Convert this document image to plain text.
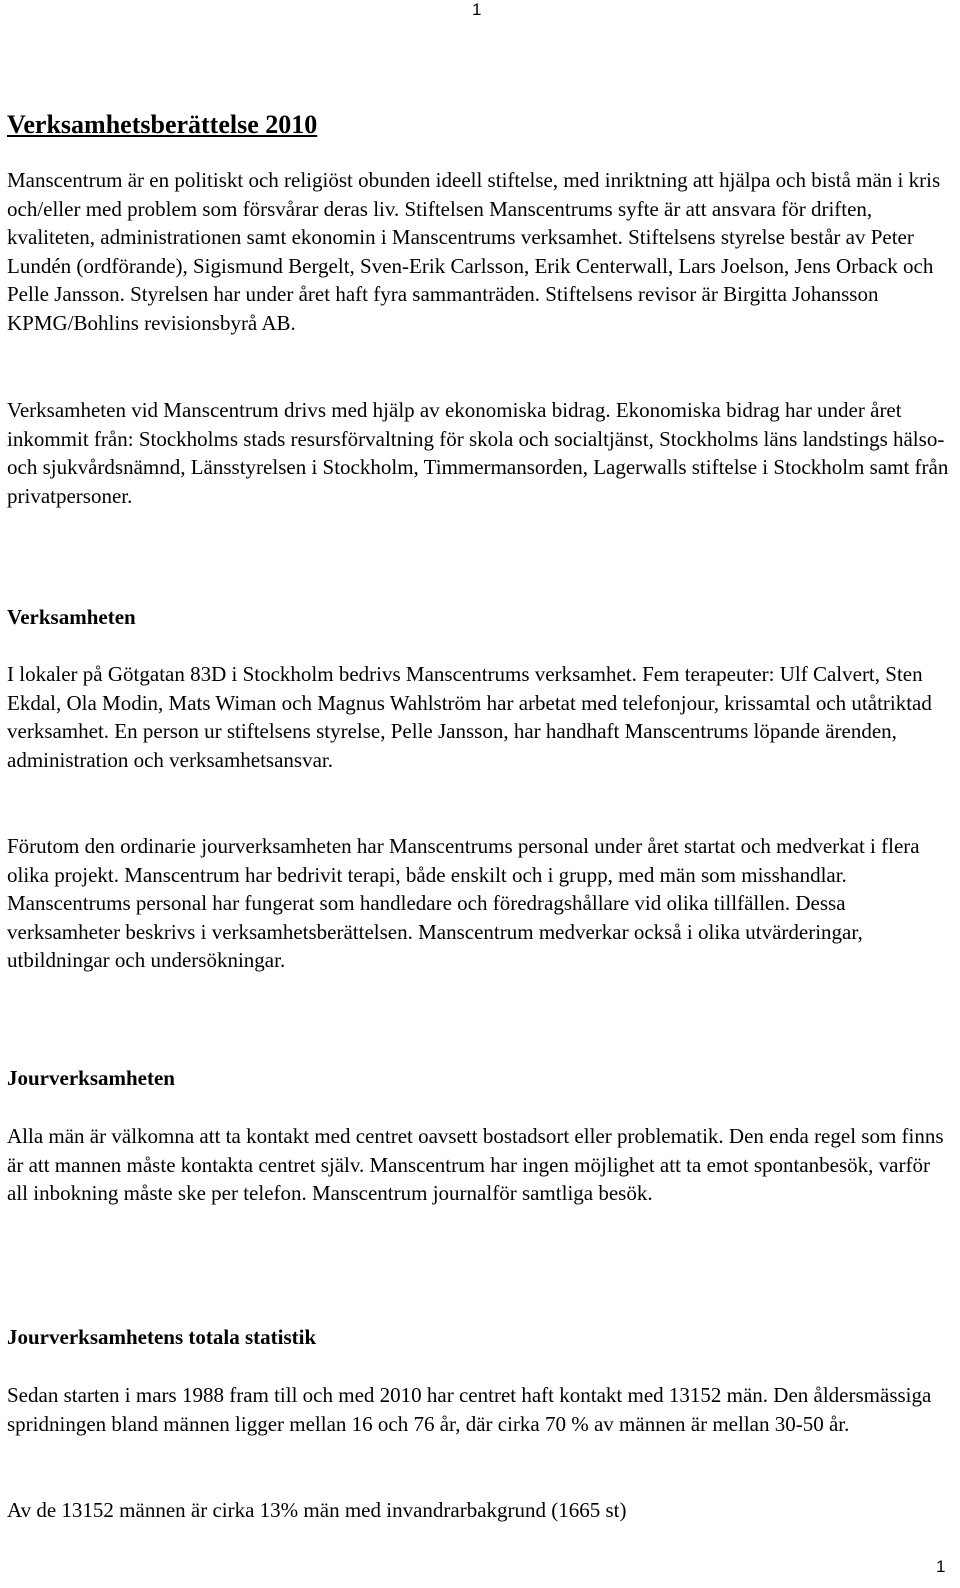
1
Verksamhetsberättelse 2010

Manscentrum är en politiskt och religiöst obunden ideell stiftelse, med inriktning att hjälpa och bistå män i kris och/eller med problem som försvårar deras liv. Stiftelsen Manscentrums syfte är att ansvara för driften, kvaliteten, administrationen samt ekonomin i Manscentrums verksamhet. Stiftelsens styrelse består av Peter Lundén (ordförande), Sigismund Bergelt, Sven-Erik Carlsson, Erik Centerwall, Lars Joelson, Jens Orback och Pelle Jansson. Styrelsen har under året haft fyra sammanträden. Stiftelsens revisor är Birgitta Johansson KPMG/Bohlins revisionsbyrå AB.

Verksamheten vid Manscentrum drivs med hjälp av ekonomiska bidrag. Ekonomiska bidrag har under året inkommit från: Stockholms stads resursförvaltning för skola och socialtjänst, Stockholms läns landstings hälso- och sjukvårdsnämnd, Länsstyrelsen i Stockholm, Timmermansorden, Lagerwalls stiftelse i Stockholm samt från privatpersoner.

Verksamheten

I lokaler på Götgatan 83D i Stockholm bedrivs Manscentrums verksamhet. Fem terapeuter: Ulf Calvert, Sten Ekdal, Ola Modin, Mats Wiman och Magnus Wahlström har arbetat med telefonjour, krissamtal och utåtriktad verksamhet. En person ur stiftelsens styrelse, Pelle Jansson, har handhaft Manscentrums löpande ärenden, administration och verksamhetsansvar.

Förutom den ordinarie jourverksamheten har Manscentrums personal under året startat och medverkat i flera olika projekt. Manscentrum har bedrivit terapi, både enskilt och i grupp, med män som misshandlar. Manscentrums personal har fungerat som handledare och föredragshållare vid olika tillfällen. Dessa verksamheter beskrivs i verksamhetsberättelsen. Manscentrum medverkar också i olika utvärderingar, utbildningar och undersökningar.

Jourverksamheten

Alla män är välkomna att ta kontakt med centret oavsett bostadsort eller problematik. Den enda regel som finns är att mannen måste kontakta centret själv. Manscentrum har ingen möjlighet att ta emot spontanbesök, varför all inbokning måste ske per telefon. Manscentrum journalför samtliga besök.

Jourverksamhetens totala statistik

Sedan starten i mars 1988 fram till och med 2010 har centret haft kontakt med 13152 män. Den åldersmässiga spridningen bland männen ligger mellan 16 och 76 år, där cirka 70 % av männen är mellan 30-50 år.

Av de 13152 männen är cirka 13% män med invandrarbakgrund (1665 st)

1
